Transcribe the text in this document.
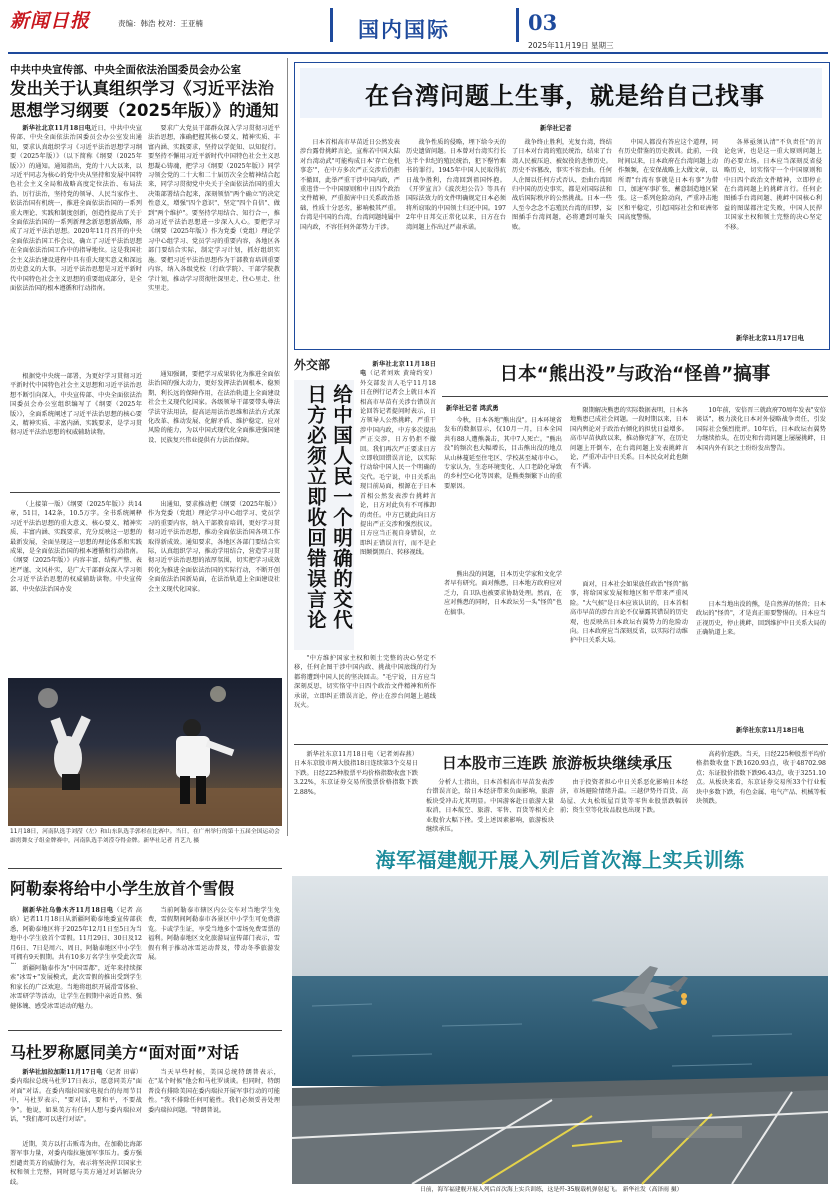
新闻日报	责编：韩浩 校对：王亚楠	国内国际	03
2025年11月19日 星期三
中共中央宣传部、中央全面依法治国委员会办公室
发出关于认真组织学习《习近平法治思想学习纲要（2025年版）》的通知
新华社北京11月18日电近日，中共中央宣传部、中央全面依法治国委员会办公室发出通知，要求认真组织学习《习近平法治思想学习纲要（2025年版）》（以下简称《纲要（2025年版）》）的通知。通知指出，党的十八大以来，以习近平同志为核心的党中央从坚持和发展中国特色社会主义全局和战略高度定位法治、布局法治、厉行法治，坚持党的领导、人民当家作主、依法治国有机统一，推进全面依法治国的一系列重大理论、实践和制度创新，创造性提出了关于全面依法治国的一系列新理念新思想新战略，形成了习近平法治思想。2020年11月召开的中央全面依法治国工作会议，确立了习近平法治思想在全面依法治国工作中的指导地位。这是我国社会主义法治建设进程中具有重大现实意义和深远历史意义的大事。习近平法治思想是习近平新时代中国特色社会主义思想的重要组成部分，是全面依法治国的根本遵循和行动指南。
根据党中央统一部署，为更好学习贯彻习近平新时代中国特色社会主义思想和习近平法治思想不断引向深入，中央宣传部、中央全面依法治国委员会办公室组织编写了《纲要（2025年版）》，全面系统阐述了习近平法治思想的核心要义、精神实质、丰富内涵、实践要求，是学习贯彻习近平法治思想的权威辅助读物。
要求广大党员干部群众深入学习贯彻习近平法治思想，准确把握其核心要义、精神实质、丰富内涵、实践要求，坚持以学促知、以知促行。要坚持不懈用习近平新时代中国特色社会主义思想凝心铸魂，把学习《纲要（2025年版）》同学习领会党的二十大和二十届历次全会精神结合起来，同学习贯彻党中央关于全面依法治国的重大决策部署结合起来，深刻领悟"两个确立"的决定性意义，增强"四个意识"、坚定"四个自信"、做到"两个维护"。要坚持学用结合、知行合一，推动习近平法治思想进一步深入人心。要把学习《纲要（2025年版）》作为党委（党组）理论学习中心组学习、党员学习的重要内容，各地区各部门要结合实际，制定学习计划，抓好组织实施。要把习近平法治思想作为干部教育培训重要内容，纳入各级党校（行政学院）、干部学院教学计划，推动学习贯彻往深里走、往心里走、往实里走。
通知强调，要把学习成果转化为推进全面依法治国的强大动力，更好发挥法治固根本、稳预期、利长远的保障作用，在法治轨道上全面建设社会主义现代化国家。各级领导干部要带头尊法学法守法用法，提高运用法治思维和法治方式深化改革、推动发展、化解矛盾、维护稳定、应对风险的能力，为以中国式现代化全面推进强国建设、民族复兴伟业提供有力法治保障。
（上接第一版）《纲要（2025年版）》共14章，51目，142条，10.5万字。全书系统阐释习近平法治思想的重大意义、核心要义、精神实质、丰富内涵、实践要求，充分反映这一思想的最新发展，全面呈现这一思想的理论体系和实践成果，是全面依法治国的根本遵循和行动指南。《纲要（2025年版）》内容丰富、结构严整、表述严谨、文风朴实，是广大干部群众深入学习领会习近平法治思想的权威辅助读物。中央宣传部、中央依法治国办发
出通知，要求推动把《纲要（2025年版）》作为党委（党组）理论学习中心组学习、党员学习的重要内容，纳入干部教育培训，更好学习贯彻习近平法治思想，推动全面依法治国各项工作取得新成效。通知要求，各地区各部门要结合实际，认真组织学习，推动学用结合，营造学习贯彻习近平法治思想的浓厚氛围，切实把学习成效转化为推进全面依法治国的实际行动，不断开创全面依法治国新局面，在法治轨道上全面建设社会主义现代化国家。
11月18日，河南队选手刘滢（左）和山东队选手郭杉在比赛中。当日，在广州举行的第十五届全国运动会霹雳舞女子组金牌赛中，河南队选手刘滢夺得金牌。新华社记者 肖艺九 摄
阿勒泰将给中小学生放首个雪假
据新华社乌鲁木齐11月18日电（记者 高晗）记者11月18日从新疆阿勒泰地委宣传部获悉，阿勒泰地区将于2025年12月1日至5日为当地中小学生放首个雪假。11月29日、30日及12月6日、7日是周六、周日，阿勒泰地区中小学生可拥有9天假期。共有10多万名学生享受此次雪
当前阿勒泰市辖区内公交车对当地学生免费，雪假期间阿勒泰市各景区中小学生可免费游览。卡或学生证，享受当地多个雪场免费雪票的福利。阿勒泰地区文化旅游局宣传部门表示，雪假有利于推动冰雪运动普及，带动冬季旅游发展。
新疆阿勒泰作为"中国雪都"，近年来持续探索"冰雪+"发展模式，此次雪假的推出受到学生和家长的广泛欢迎。当地将组织开展滑雪体验、冰雪研学等活动，让学生在假期中亲近自然、强健体魄、感受冰雪运动的魅力。
马杜罗称愿同美方“面对面”对话
新华社加拉加斯11月17日电（记者 田睿）委内瑞拉总统马杜罗17日表示，愿意同美方"面对面"对话。在委内瑞拉国家电视台的每周节目中，马杜罗表示，"要对话，要和平，不要战争"。他说，如果美方有任何人想与委内瑞拉对话，"我们都可以进行对话"。
当天早些时候，美国总统特朗普表示，在"某个时候"他会和马杜罗谈谈。但同时，特朗普没有排除美国在委内瑞拉开展军事行动的可能性。"我不排除任何可能性。我们必须妥善处理委内瑞拉问题。"特朗普说。
近期，美方以打击贩毒为由，在加勒比海部署军事力量，对委内瑞拉施加军事压力。委方强烈谴责美方的威胁行为，表示将坚决捍卫国家主权和领土完整，同时愿与美方通过对话解决分歧。
在台湾问题上生事，就是给自己找事
新华社记者
日本首相高市早苗近日公然发表涉台露骨挑衅言论，宣称若中国大陆对台湾动武"可能构成日本'存亡危机事态'"，在中方多次严正交涉后仍拒不撤回，此举严重干涉中国内政，严重违背一个中国原则和中日四个政治文件精神，严重损害中日关系政治基础，性质十分恶劣，影响极其严重。台湾是中国的台湾，台湾问题纯属中国内政，不容任何外部势力干涉。
战争性质的侵略，埋下给今天的历史遗留问题。日本曾对台湾实行长达半个世纪的殖民统治，犯下罄竹难书的罪行。1945年中国人民取得抗日战争胜利，台湾回到祖国怀抱。《开罗宣言》《波茨坦公告》等具有国际法效力的文件明确规定日本必须将所窃取的中国领土归还中国。1972年中日邦交正常化以来，日方在台湾问题上作出过严肃承诺。
战争终止胜利，光复台湾，终结了日本对台湾的殖民统治，结束了台湾人民被压迫、被奴役的悲惨历史。历史不容篡改，事实不容歪曲。任何人企图以任何方式否认、歪曲台湾回归中国的历史事实，都是对国际法和战后国际秩序的公然挑战。日本一些人至今念念不忘殖民台湾的旧梦，妄图插手台湾问题，必将遭到可耻失败。
中国人都没有答应这个道理，同有历史借鉴的历史教训。此前，一段时间以来，日本政府在台湾问题上动作频频，在安保战略上大做文章，以所谓"台湾有事就是日本有事"为借口，加速军事扩张，蓄意制造地区紧张。这一系列危险动向，严重冲击地区和平稳定，引起国际社会和亚洲邻国高度警惕。
各界亟须认清"不负责任"的言论危害，也是这一重大原则问题上的必要立场。日本应当深刻反省侵略历史，切实恪守一个中国原则和中日四个政治文件精神，立即停止在台湾问题上的挑衅言行。任何企图插手台湾问题、挑衅中国核心利益的图谋都注定失败，中国人民捍卫国家主权和领土完整的决心坚定不移。
新华社北京11月17日电
外交部
给中国人民一个明确的交代日方必须立即收回错误言论
新华社北京11月18日电（记者刘欢 黄琦约安）外交部发言人毛宁11月18日在例行记者会上就日本首相高市早苗有关涉台错误言论回答记者提问时表示，日方领导人公然挑衅，严重干涉中国内政，中方多次提出严正交涉，日方仍拒不撤回。我们再次严正要求日方立即收回错误言论，以实际行动给中国人民一个明确的交代。毛宁说，中日关系出现目前局面，根源在于日本首相公然发表涉台挑衅言论，日方对此负有不可推卸的责任。中方已就此向日方提出严正交涉和强烈抗议。日方应当正视自身错误，立即纠正错误言行，而不是企图颠倒黑白、转移视线。
"中方维护国家主权和领土完整的决心坚定不移，任何企图干涉中国内政、挑战中国底线的行为都将遭到中国人民的坚决回击。"毛宁说，日方应当深刻反思，切实恪守中日四个政治文件精神和所作承诺，立即纠正错误言论，停止在涉台问题上越线玩火。
日本“熊出没”与政治“怪兽”搞事
新华社记者 鸿武勇
今秋，日本各地"熊出没"。日本环境省发布的数据显示，仅10月一月，日本全国共有88人遭熊袭击，其中7人死亡。"熊出没"的频次也大幅增长，目击熊出没的地点从山林蔓延至住宅区、学校甚至城市中心。专家认为，生态环境变化、人口老龄化导致的乡村空心化等因素，是熊类频繁下山的重要原因。
熊出没的问题，日本历史学家和文化学者早有研究。面对熊患，日本地方政府应对乏力，自卫队也被要求协助处理。然而，在应对熊患的同时，日本政坛另一头"怪兽"也在搞事。
限期解决熊患的实际数据表明，日本各地熊患已成社会问题。一段时期以来，日本国内舆论对于政治右倾化的担忧日益增多。高市早苗执政以来，推动修宪扩军，在历史问题上开倒车，在台湾问题上发表挑衅言论，严重冲击中日关系。日本民众对此也颇有不满。
面对，日本社会如果放任政治"怪兽"搞事，将给国家发展和地区和平带来严重风险。"大气候"是日本应该认识的，日本首相高市早苗的涉台言论不仅暴露其错误的历史观，也反映出日本政坛右翼势力的危险动向。日本政府应当深刻反省，以实际行动维护中日关系大局。
10年前，安倍晋三就政府70周年发表"安倍谈话"，极力淡化日本对外侵略战争责任，引发国际社会强烈批评。10年后，日本政坛右翼势力继续抬头，在历史和台湾问题上屡屡挑衅，日本国内外有识之士纷纷发出警告。
日本当地出没的熊，是自然界的怪兽；日本政坛的"怪兽"，才是真正需要警惕的。日本应当正视历史，停止挑衅，回到维护中日关系大局的正确轨道上来。
新华社东京11月18日电
新华社东京11月18日电（记者刘春燕）日本东京股市两大股指18日连续第3个交易日下跌。日经225种股票平均价格指数收盘下跌3.22%，东京证券交易所股票价格指数下跌2.88%。
日本股市三连跌 旅游板块继续承压
分析人士指出，日本首相高市早苗发表涉台错误言论，给日本经济带来负面影响，旅游板块受冲击尤其明显。中国游客赴日旅游大量取消，日本航空、旅游、零售、百货等相关企业股价大幅下挫。受上述因素影响，旅游板块继续承压。
由于投资者担心中日关系恶化影响日本经济，市场避险情绪升温。三越伊势丹百货、高岛屋、大丸松坂屋百货等零售业股票跌幅居前；资生堂等化妆品股也出现下跌。
高药价连跌。当天，日经225种股票平均价格指数收盘下跌1620.93点，收于48702.98点；东证股价指数下跌96.43点，收于3251.10点。从板块来看，东京证券交易所33个行业板块中多数下跌，有色金属、电气产品、机械等板块领跌。
海军福建舰开展入列后首次海上实兵训练
日前，海军福建舰开展入列后首次海上实兵训练，这是歼-35舰载机弹射起飞。 新华社发（高泽雨 摄）
